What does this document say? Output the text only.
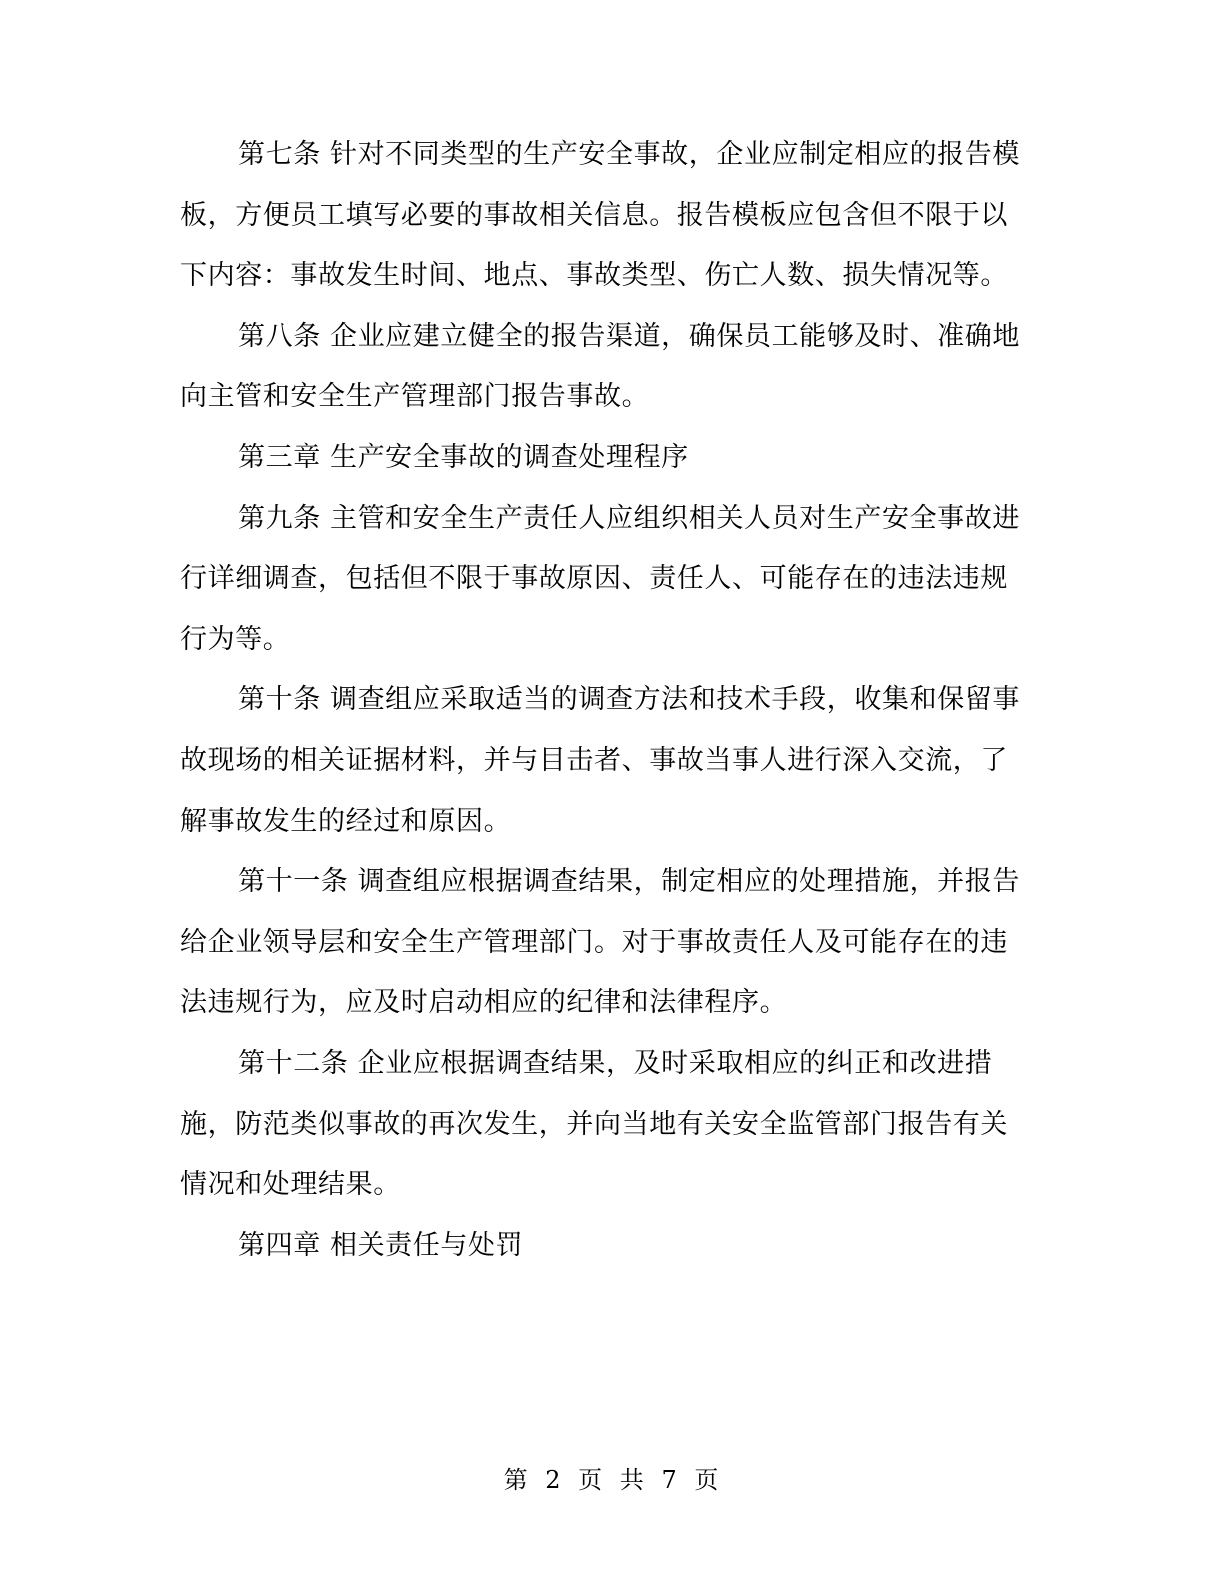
第七条 针对不同类型的生产安全事故，企业应制定相应的报告模板，方便员工填写必要的事故相关信息。报告模板应包含但不限于以下内容：事故发生时间、地点、事故类型、伤亡人数、损失情况等。

第八条 企业应建立健全的报告渠道，确保员工能够及时、准确地向主管和安全生产管理部门报告事故。

第三章 生产安全事故的调查处理程序

第九条 主管和安全生产责任人应组织相关人员对生产安全事故进行详细调查，包括但不限于事故原因、责任人、可能存在的违法违规行为等。

第十条 调查组应采取适当的调查方法和技术手段，收集和保留事故现场的相关证据材料，并与目击者、事故当事人进行深入交流，了解事故发生的经过和原因。

第十一条 调查组应根据调查结果，制定相应的处理措施，并报告给企业领导层和安全生产管理部门。对于事故责任人及可能存在的违法违规行为，应及时启动相应的纪律和法律程序。

第十二条 企业应根据调查结果，及时采取相应的纠正和改进措施，防范类似事故的再次发生，并向当地有关安全监管部门报告有关情况和处理结果。

第四章 相关责任与处罚

第 2 页 共 7 页
